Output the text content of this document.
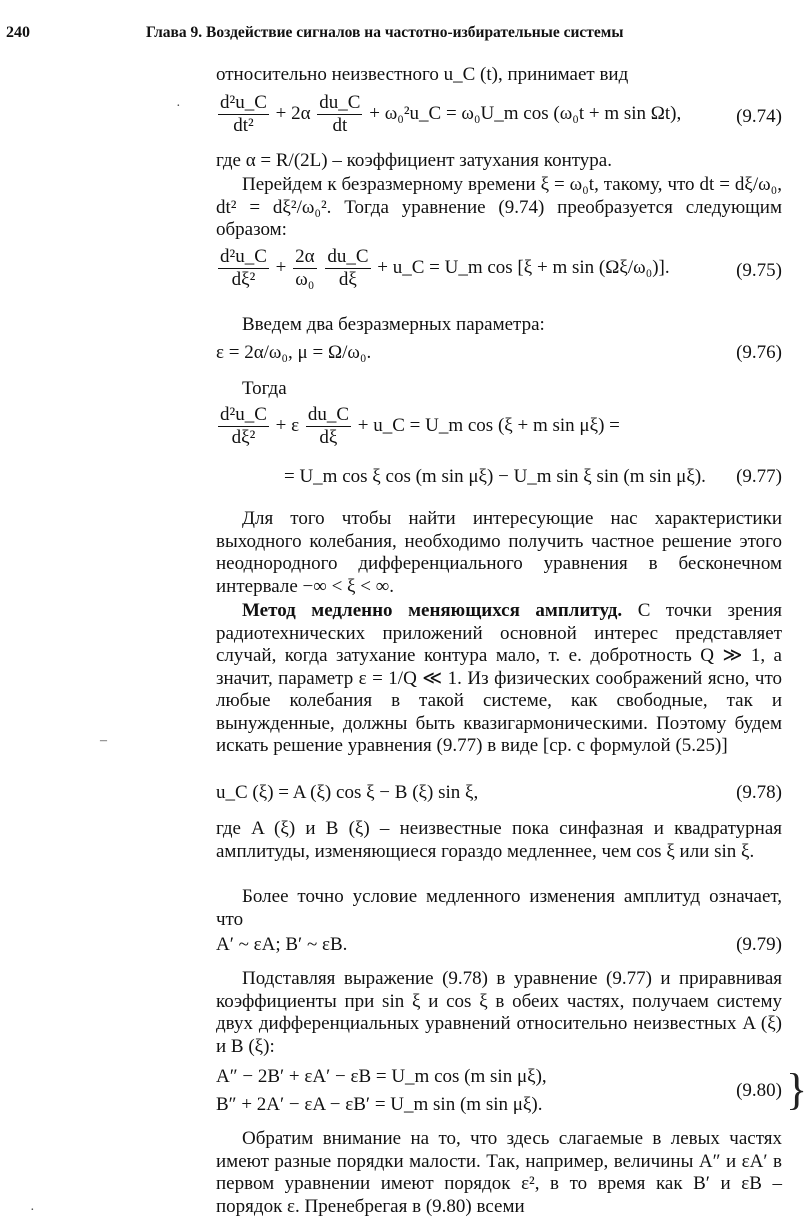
240	Глава 9. Воздействие сигналов на частотно-избирательные системы

относительно неизвестного u_C (t), принимает вид

$\frac{\text{d²u\_C}}{\text{dt²}} + 2\alpha \frac{du\_C}{dt}$ + ω₀²u_C = ω₀U_m cos (ω₀t + m sin Ωt),	(9.74)

где α = R/(2L) – коэффициент затухания контура.

Перейдем к безразмерному времени ξ = ω₀t, такому, что dt = dξ/ω₀, dt² = dξ²/ω₀². Тогда уравнение (9.74) преобразуется следующим образом:

$\frac{\text{d²u\_C}}{\text{dξ²}} + \frac{2\alpha}{\text{ω₀}}$
$\frac{du\_C}{d\xi}$ + u_C = U_m cos [ξ + m sin (Ωξ/ω₀)].	(9.75)

Введем два безразмерных параметра:

ε = 2α/ω₀, μ = Ω/ω₀.	(9.76)

Тогда

$\frac{\text{d²u\_C}}{\text{dξ²}} + \varepsilon \frac{du\_C}{d\xi}$ + u_C = U_m cos (ξ + m sin μξ) =
= U_m cos ξ cos (m sin μξ) − U_m sin ξ sin (m sin μξ). (9.77)

Для того чтобы найти интересующие нас характеристики выходного колебания, необходимо получить частное решение этого неоднородного дифференциального уравнения в бесконечном интервале −∞ < ξ < ∞.

Метод медленно меняющихся амплитуд. С точки зрения радиотехнических приложений основной интерес представляет случай, когда затухание контура мало, т. е. добротность Q ≫ 1, а значит, параметр ε = 1/Q ≪ 1. Из физических соображений ясно, что любые колебания в такой системе, как свободные, так и вынужденные, должны быть квазигармоническими. Поэтому будем искать решение уравнения (9.77) в виде [ср. с формулой (5.25)]

u_C (ξ) = A (ξ) cos ξ − B (ξ) sin ξ,	(9.78)

где A (ξ) и B (ξ) – неизвестные пока синфазная и квадратурная амплитуды, изменяющиеся гораздо медленнее, чем cos ξ или sin ξ.

Более точно условие медленного изменения амплитуд означает, что

A′ ~ εA; B′ ~ εB.	(9.79)

Подставляя выражение (9.78) в уравнение (9.77) и приравнивая коэффициенты при sin ξ и cos ξ в обеих частях, получаем систему двух дифференциальных уравнений относительно неизвестных A (ξ) и B (ξ):

A″ − 2B′ + εA′ − εB = U_m cos (m sin μξ),
B″ + 2A′ − εA − εB′ = U_m sin (m sin μξ).	}
(9.80)

Обратим внимание на то, что здесь слагаемые в левых частях имеют разные порядки малости. Так, например, величины A″ и εA′ в первом уравнении имеют порядок ε², в то время как B′ и εB – порядок ε. Пренебрегая в (9.80) всеми

·
–
·
